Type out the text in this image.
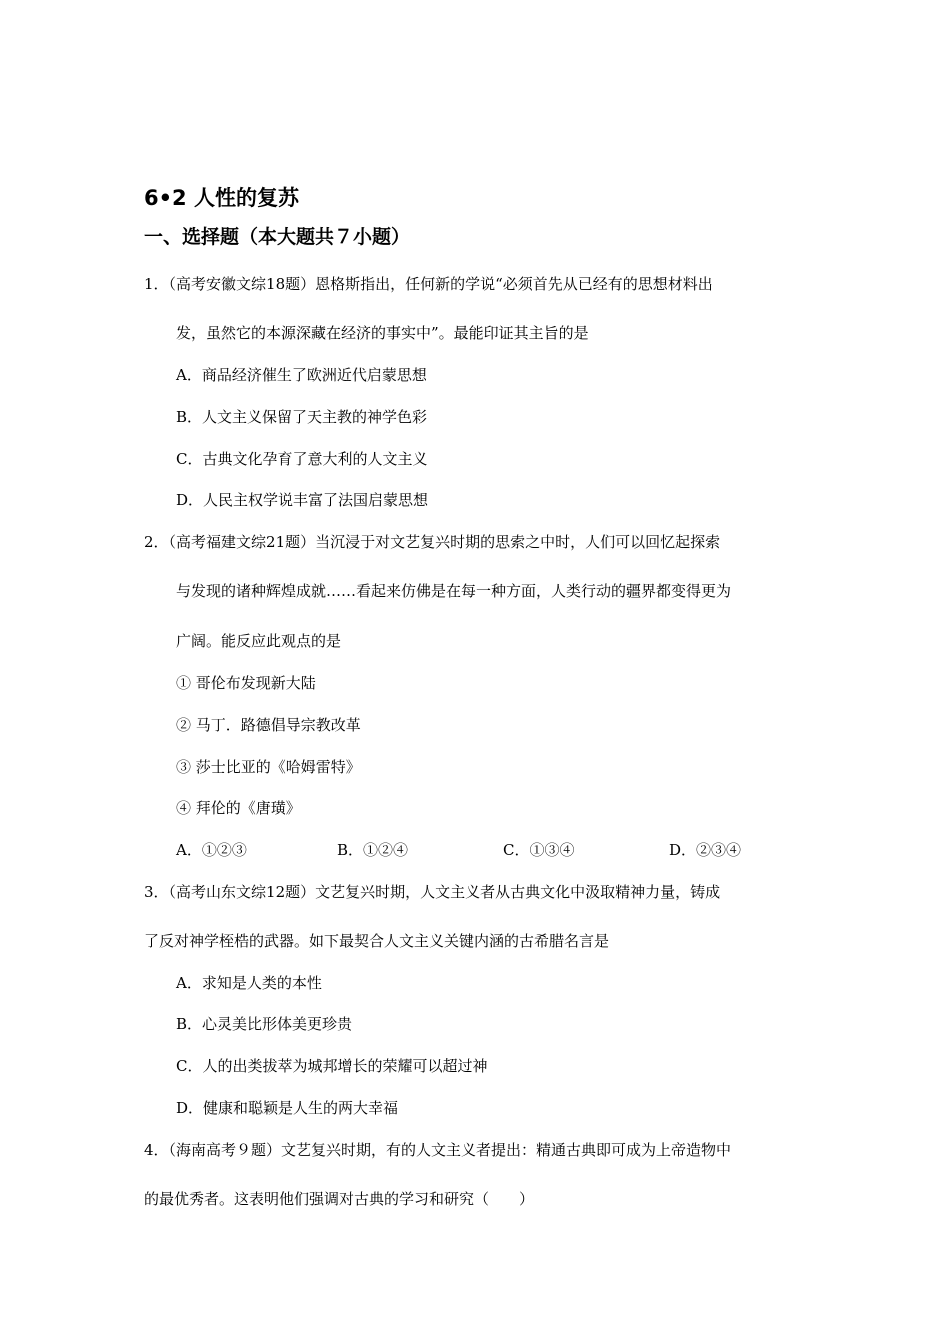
6•2 人性的复苏
一、选择题（本大题共７小题）
1．（高考安徽文综18题）恩格斯指出，任何新的学说“必须首先从已经有的思想材料出
发，虽然它的本源深藏在经济的事实中”。最能印证其主旨的是
A．商品经济催生了欧洲近代启蒙思想
B．人文主义保留了天主教的神学色彩
C．古典文化孕育了意大利的人文主义
D．人民主权学说丰富了法国启蒙思想
2．（高考福建文综21题）当沉浸于对文艺复兴时期的思索之中时，人们可以回忆起探索
与发现的诸种辉煌成就……看起来仿佛是在每一种方面，人类行动的疆界都变得更为
广阔。能反应此观点的是
① 哥伦布发现新大陆
② 马丁．路德倡导宗教改革
③ 莎士比亚的《哈姆雷特》
④ 拜伦的《唐璜》
A．①②③	B．①②④	C．①③④	D．②③④
3．（高考山东文综12题）文艺复兴时期，人文主义者从古典文化中汲取精神力量，铸成
了反对神学桎梏的武器。如下最契合人文主义关键内涵的古希腊名言是
A．求知是人类的本性
B．心灵美比形体美更珍贵
C．人的出类拔萃为城邦增长的荣耀可以超过神
D．健康和聪颖是人生的两大幸福
4．（海南高考９题）文艺复兴时期，有的人文主义者提出：精通古典即可成为上帝造物中
的最优秀者。这表明他们强调对古典的学习和研究（　　）
